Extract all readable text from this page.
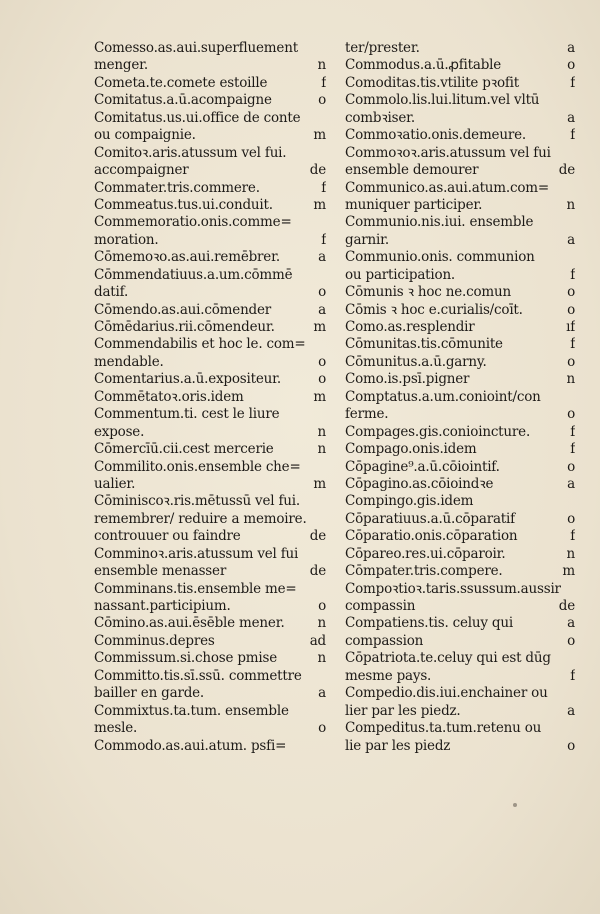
Comesso.as.aui.superfluement
menger.	n
Cometa.te.comete estoille	f
Comitatus.a.ū.acompaigne	o
Comitatus.us.ui.office de conte
ou compaignie.	m
Comitoꝛ.aris.atussum vel fui.
accompaigner	de
Commater.tris.commere.	f
Commeatus.tus.ui.conduit.	m
Commemoratio.onis.comme=
moration.	f
Cōmemoꝛo.as.aui.remēbrer.	a
Cōmmendatiuus.a.um.cōmmē
datif.	o
Cōmendo.as.aui.cōmender	a
Cōmēdarius.rii.cōmendeur.	m
Commendabilis et hoc le. com=
mendable.	o
Comentarius.a.ū.expositeur.	o
Commētatoꝛ.oris.idem	m
Commentum.ti. cest le liure
expose.	n
Cōmercīū.cii.cest mercerie	n
Commilito.onis.ensemble che=
ualier.	m
Cōminiscoꝛ.ris.mētussū vel fui.
remembrer/ reduire a memoire.
controuuer ou faindre	de
Comminoꝛ.aris.atussum vel fui
ensemble menasser	de
Comminans.tis.ensemble me=
nassant.participium.	o
Cōmino.as.aui.ēsēble mener.	n
Comminus.depres	ad
Commissum.si.chose pmise	n
Committo.tis.sī.ssū. commettre
bailler en garde.	a
Commixtus.ta.tum. ensemble
mesle.	o
Commodo.as.aui.atum. psfi=
ter/prester.	a
Commodus.a.ū.ꝓfitable	o
Comoditas.tis.vtilite pꝛofit	f
Commolo.lis.lui.litum.vel vltū
combꝛiser.	a
Commoꝛatio.onis.demeure.	f
Commoꝛoꝛ.aris.atussum vel fui
ensemble demourer	de
Communico.as.aui.atum.com=
muniquer participer.	n
Communio.nis.iui. ensemble
garnir.	a
Communio.onis. communion
ou participation.	f
Cōmunis ꝛ hoc ne.comun	o
Cōmis ꝛ hoc e.curialis/coīt.	o
Como.as.resplendir	ıf
Cōmunitas.tis.cōmunite	f
Cōmunitus.a.ū.garny.	o
Como.is.psī.pigner	n
Comptatus.a.um.conioint/con
ferme.	o
Compages.gis.conioincture.	f
Compago.onis.idem	f
Cōpagine⁹.a.ū.cōiointif.	o
Cōpagino.as.cōioindꝛe	a
Compingo.gis.idem
Cōparatiuus.a.ū.cōparatif	o
Cōparatio.onis.cōparation	f
Cōpareo.res.ui.cōparoir.	n
Cōmpater.tris.compere.	m
Compoꝛtioꝛ.taris.ssussum.aussir
compassin	de
Compatiens.tis. celuy qui	a
compassion	o
Cōpatriota.te.celuy qui est dūg
mesme pays.	f
Compedio.dis.iui.enchainer ou
lier par les piedz.	a
Compeditus.ta.tum.retenu ou
lie par les piedz	o
